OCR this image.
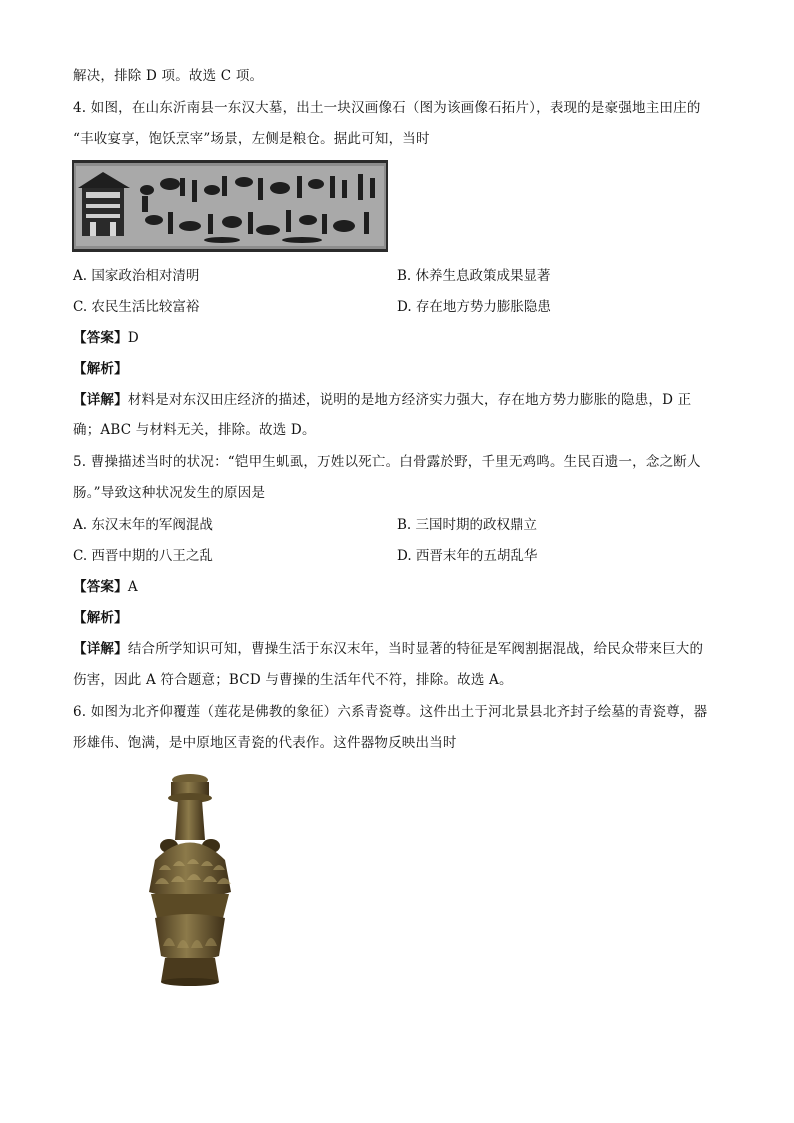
解决，排除 D 项。故选 C 项。
4. 如图，在山东沂南县一东汉大墓，出土一块汉画像石（图为该画像石拓片），表现的是豪强地主田庄的
“丰收宴享，饱饫烹宰”场景，左侧是粮仓。据此可知，当时
A. 国家政治相对清明	B. 休养生息政策成果显著
C. 农民生活比较富裕	D. 存在地方势力膨胀隐患
【答案】D
【解析】
【详解】材料是对东汉田庄经济的描述，说明的是地方经济实力强大，存在地方势力膨胀的隐患，D 正
确；ABC 与材料无关，排除。故选 D。
5. 曹操描述当时的状况：“铠甲生虮虱，万姓以死亡。白骨露於野，千里无鸡鸣。生民百遗一，念之断人
肠。”导致这种状况发生的原因是
A. 东汉末年的军阀混战	B. 三国时期的政权鼎立
C. 西晋中期的八王之乱	D. 西晋末年的五胡乱华
【答案】A
【解析】
【详解】结合所学知识可知，曹操生活于东汉末年，当时显著的特征是军阀割据混战，给民众带来巨大的
伤害，因此 A 符合题意；BCD 与曹操的生活年代不符，排除。故选 A。
6. 如图为北齐仰覆莲（莲花是佛教的象征）六系青瓷尊。这件出土于河北景县北齐封子绘墓的青瓷尊，器
形雄伟、饱满，是中原地区青瓷的代表作。这件器物反映出当时
